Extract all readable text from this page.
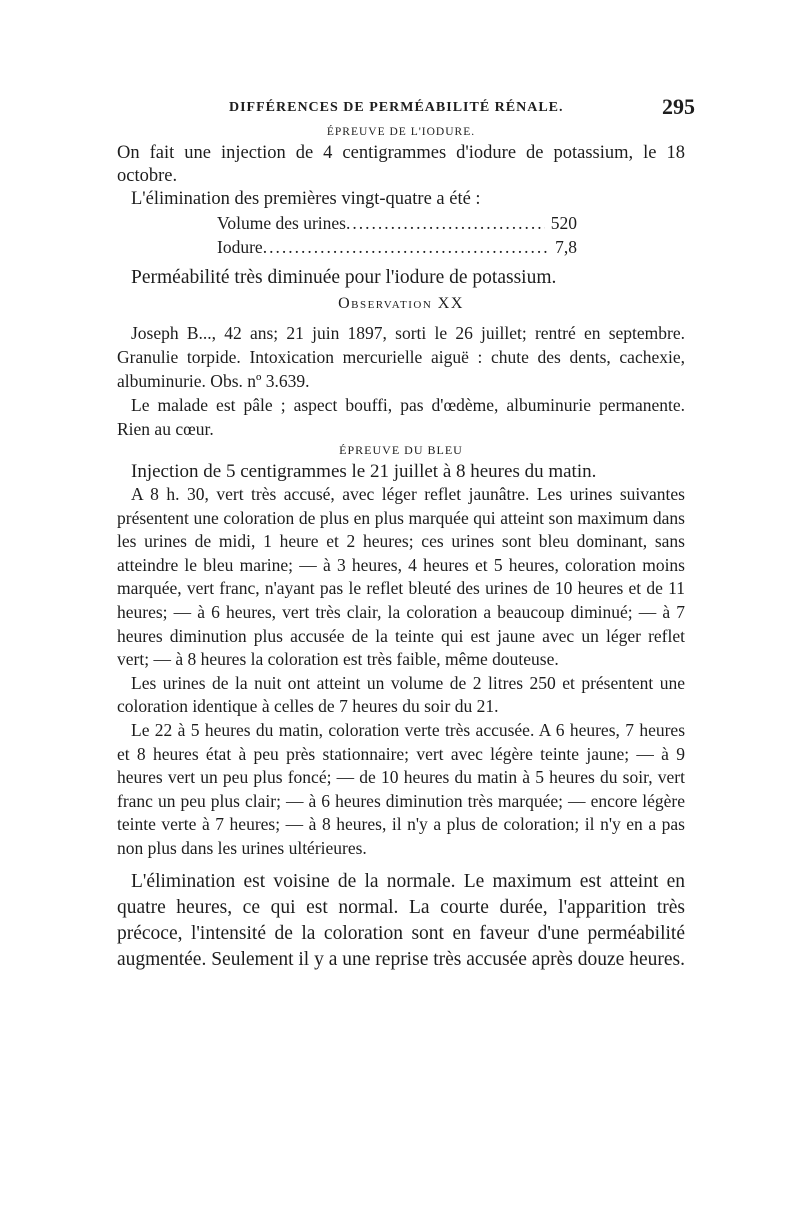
DIFFÉRENCES DE PERMÉABILITÉ RÉNALE.	295
ÉPREUVE DE L'IODURE.

On fait une injection de 4 centigrammes d'iodure de potassium, le 18 octobre.

L'élimination des premières vingt-quatre a été :

Volume des urines .....	520
Iodure .....	7,8

Perméabilité très diminuée pour l'iodure de potassium.

Observation XX

Joseph B..., 42 ans; 21 juin 1897, sorti le 26 juillet; rentré en septembre. Granulie torpide. Intoxication mercurielle aiguë : chute des dents, cachexie, albuminurie. Obs. nº 3.639.

Le malade est pâle ; aspect bouffi, pas d'œdème, albuminurie permanente. Rien au cœur.

ÉPREUVE DU BLEU

Injection de 5 centigrammes le 21 juillet à 8 heures du matin.

A 8 h. 30, vert très accusé, avec léger reflet jaunâtre. Les urines suivantes présentent une coloration de plus en plus marquée qui atteint son maximum dans les urines de midi, 1 heure et 2 heures; ces urines sont bleu dominant, sans atteindre le bleu marine; — à 3 heures, 4 heures et 5 heures, coloration moins marquée, vert franc, n'ayant pas le reflet bleuté des urines de 10 heures et de 11 heures; — à 6 heures, vert très clair, la coloration a beaucoup diminué; — à 7 heures diminution plus accusée de la teinte qui est jaune avec un léger reflet vert; — à 8 heures la coloration est très faible, même douteuse.

Les urines de la nuit ont atteint un volume de 2 litres 250 et présentent une coloration identique à celles de 7 heures du soir du 21.

Le 22 à 5 heures du matin, coloration verte très accusée. A 6 heures, 7 heures et 8 heures état à peu près stationnaire; vert avec légère teinte jaune; — à 9 heures vert un peu plus foncé; — de 10 heures du matin à 5 heures du soir, vert franc un peu plus clair; — à 6 heures diminution très marquée; — encore légère teinte verte à 7 heures; — à 8 heures, il n'y a plus de coloration; il n'y en a pas non plus dans les urines ultérieures.

L'élimination est voisine de la normale. Le maximum est atteint en quatre heures, ce qui est normal. La courte durée, l'apparition très précoce, l'intensité de la coloration sont en faveur d'une perméabilité augmentée. Seulement il y a une reprise très accusée après douze heures.
